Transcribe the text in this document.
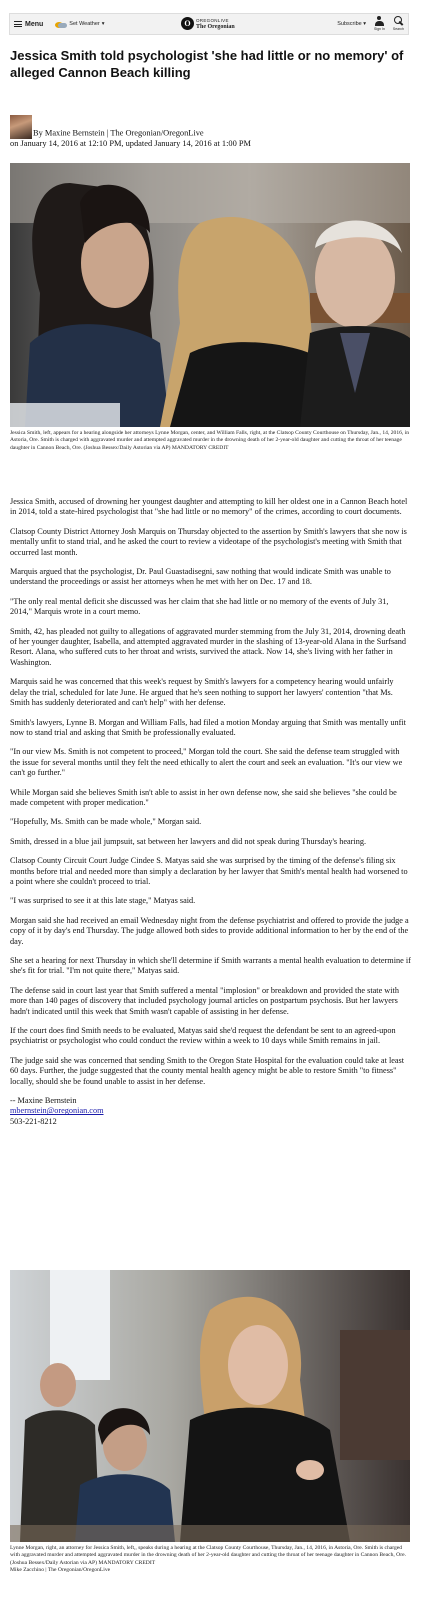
Menu	Set Weather ▾	O	OREGONLIVE
The Oregonian	Subscribe ▾
Sign In Search
Jessica Smith told psychologist 'she had little or no memory' of alleged Cannon Beach killing
By Maxine Bernstein | The Oregonian/OregonLive
on January 14, 2016 at 12:10 PM, updated January 14, 2016 at 1:00 PM
Jessica Smith, left, appears for a hearing alongside her attorneys Lynne Morgan, center, and William Falls, right, at the Clatsop County Courthouse on Thursday, Jan., 14, 2016, in Astoria, Ore. Smith is charged with aggravated murder and attempted aggravated murder in the drowning death of her 2-year-old daughter and cutting the throat of her teenage daughter in Cannon Beach, Ore. (Joshua Bessex/Daily Astorian via AP) MANDATORY CREDIT

Jessica Smith, accused of drowning her youngest daughter and attempting to kill her oldest one in a Cannon Beach hotel in 2014, told a state-hired psychologist that "she had little or no memory" of the crimes, according to court documents.

Clatsop County District Attorney Josh Marquis on Thursday objected to the assertion by Smith's lawyers that she now is mentally unfit to stand trial, and he asked the court to review a videotape of the psychologist's meeting with Smith that occurred last month.

Marquis argued that the psychologist, Dr. Paul Guastadisegni, saw nothing that would indicate Smith was unable to understand the proceedings or assist her attorneys when he met with her on Dec. 17 and 18.

"The only real mental deficit she discussed was her claim that she had little or no memory of the events of July 31, 2014," Marquis wrote in a court memo.

Smith, 42, has pleaded not guilty to allegations of aggravated murder stemming from the July 31, 2014, drowning death of her younger daughter, Isabella, and attempted aggravated murder in the slashing of 13-year-old Alana in the Surfsand Resort. Alana, who suffered cuts to her throat and wrists, survived the attack. Now 14, she's living with her father in Washington.

Marquis said he was concerned that this week's request by Smith's lawyers for a competency hearing would unfairly delay the trial, scheduled for late June. He argued that he's seen nothing to support her lawyers' contention "that Ms. Smith has suddenly deteriorated and can't help" with her defense.

Smith's lawyers, Lynne B. Morgan and William Falls, had filed a motion Monday arguing that Smith was mentally unfit now to stand trial and asking that Smith be professionally evaluated.

"In our view Ms. Smith is not competent to proceed," Morgan told the court. She said the defense team struggled with the issue for several months until they felt the need ethically to alert the court and seek an evaluation. "It's our view we can't go further."

While Morgan said she believes Smith isn't able to assist in her own defense now, she said she believes "she could be made competent with proper medication."

"Hopefully, Ms. Smith can be made whole," Morgan said.

Smith, dressed in a blue jail jumpsuit, sat between her lawyers and did not speak during Thursday's hearing.

Clatsop County Circuit Court Judge Cindee S. Matyas said she was surprised by the timing of the defense's filing six months before trial and needed more than simply a declaration by her lawyer that Smith's mental health had worsened to a point where she couldn't proceed to trial.

"I was surprised to see it at this late stage," Matyas said.

Morgan said she had received an email Wednesday night from the defense psychiatrist and offered to provide the judge a copy of it by day's end Thursday. The judge allowed both sides to provide additional information to her by the end of the day.

She set a hearing for next Thursday in which she'll determine if Smith warrants a mental health evaluation to determine if she's fit for trial. "I'm not quite there," Matyas said.

The defense said in court last year that Smith suffered a mental "implosion" or breakdown and provided the state with more than 140 pages of discovery that included psychology journal articles on postpartum psychosis. But her lawyers hadn't indicated until this week that Smith wasn't capable of assisting in her defense.

If the court does find Smith needs to be evaluated, Matyas said she'd request the defendant be sent to an agreed-upon psychiatrist or psychologist who could conduct the review within a week to 10 days while Smith remains in jail.

The judge said she was concerned that sending Smith to the Oregon State Hospital for the evaluation could take at least 60 days. Further, the judge suggested that the county mental health agency might be able to restore Smith "to fitness" locally, should she be found unable to assist in her defense.

-- Maxine Bernstein
mbernstein@oregonian.com
503-221-8212
Lynne Morgan, right, an attorney for Jessica Smith, left,, speaks during a hearing at the Clatsop County Courthouse, Thursday, Jan., 14, 2016, in Astoria, Ore. Smith is charged with aggravated murder and attempted aggravated murder in the drowning death of her 2-year-old daughter and cutting the throat of her teenage daughter in Cannon Beach, Ore. (Joshua Bessex/Daily Astorian via AP) MANDATORY CREDIT
Mike Zacchino | The Oregonian/OregonLive
